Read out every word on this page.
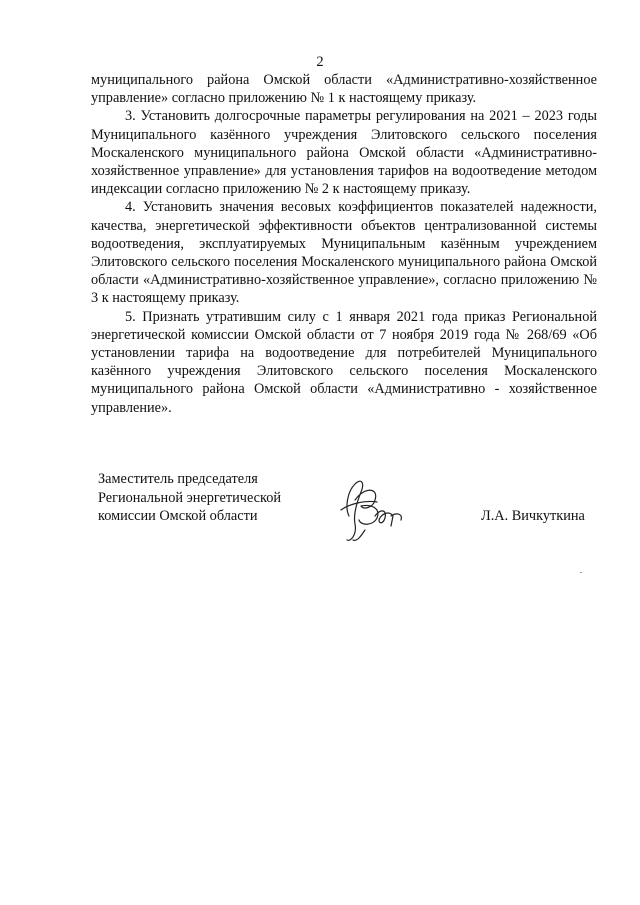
2

муниципального района Омской области «Административно-хозяйственное управление» согласно приложению № 1 к настоящему приказу.

3. Установить долгосрочные параметры регулирования на 2021 – 2023 годы Муниципального казённого учреждения Элитовского сельского поселения Москаленского муниципального района Омской области «Административно-хозяйственное управление» для установления тарифов на водоотведение методом индексации согласно приложению № 2 к настоящему приказу.

4. Установить значения весовых коэффициентов показателей надежности, качества, энергетической эффективности объектов централизованной системы водоотведения, эксплуатируемых Муниципальным казённым учреждением Элитовского сельского поселения Москаленского муниципального района Омской области «Административно-хозяйственное управление», согласно приложению № 3 к настоящему приказу.

5. Признать утратившим силу с 1 января 2021 года приказ Региональной энергетической комиссии Омской области от 7 ноября 2019 года № 268/69 «Об установлении тарифа на водоотведение для потребителей Муниципального казённого учреждения Элитовского сельского поселения Москаленского муниципального района Омской области «Административно - хозяйственное управление».

Заместитель председателя
Региональной энергетической
комиссии Омской области	Л.А. Вичкуткина
